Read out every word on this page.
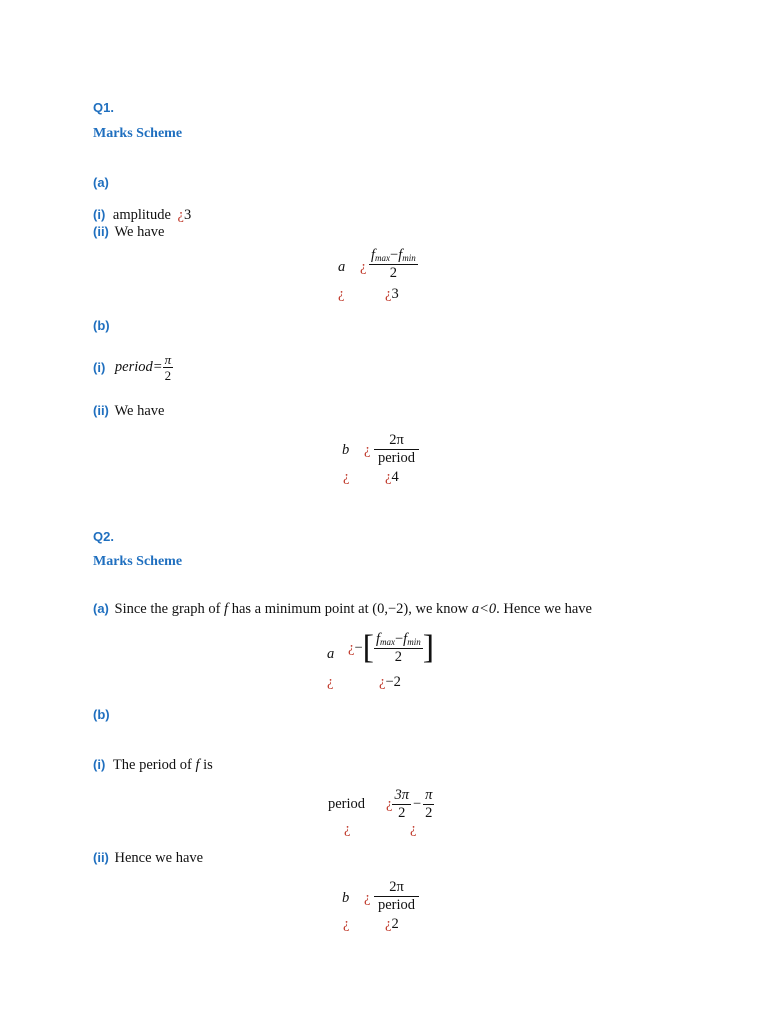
Q1.
Marks Scheme
(a)
(i) amplitude ¿3
(ii) We have
a ¿ $\frac{f_{max}-f_{min}}{2}$
¿	¿3
(b)
(i) period= $\frac{\pi}{2}$
(ii) We have
b ¿ $\frac{2\pi}{\text{period}}$
¿ ¿4
Q2.
Marks Scheme
(a) Since the graph of f has a minimum point at (0,−2), we know a<0. Hence we have
a ¿−[ $\frac{f_{max}-f_{min}}{2}$ ]
¿	¿−2
(b)
(i) The period of f is
period ¿ $\frac{3\pi}{2} - \frac{\pi}{2}$
¿	¿
(ii) Hence we have
b ¿ $\frac{2\pi}{\text{period}}$
¿ ¿2
